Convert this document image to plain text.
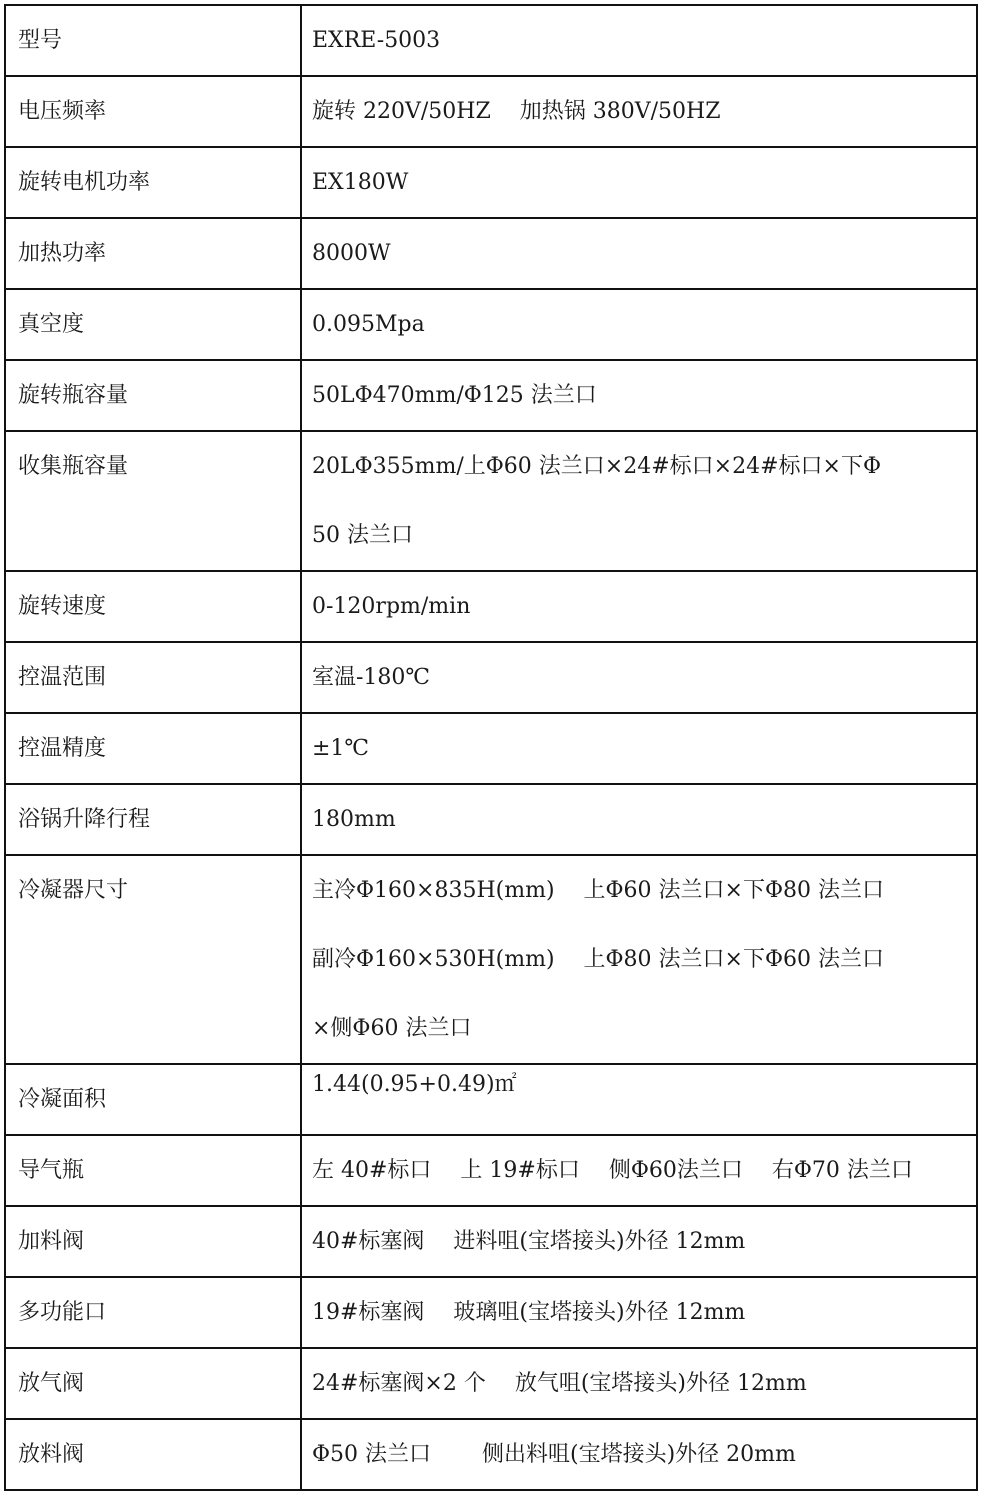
型号	EXRE-5003

电压频率	旋转 220V/50HZ　 加热锅 380V/50HZ

旋转电机功率	EX180W

加热功率	8000W

真空度	0.095Mpa

旋转瓶容量	50LΦ470mm/Φ125 法兰口

收集瓶容量	20LΦ355mm/上Φ60 法兰口×24#标口×24#标口×下Φ
50 法兰口

旋转速度	0-120rpm/min

控温范围	室温-180℃

控温精度	±1℃

浴锅升降行程	180mm

冷凝器尺寸	主冷Φ160×835H(mm)　 上Φ60 法兰口×下Φ80 法兰口
副冷Φ160×530H(mm)　 上Φ80 法兰口×下Φ60 法兰口
×侧Φ60 法兰口

冷凝面积	1.44(0.95+0.49)㎡

导气瓶	左 40#标口　 上 19#标口　 侧Φ60法兰口　 右Φ70 法兰口

加料阀	40#标塞阀　 进料咀(宝塔接头)外径 12mm

多功能口	19#标塞阀　 玻璃咀(宝塔接头)外径 12mm

放气阀	24#标塞阀×2 个　 放气咀(宝塔接头)外径 12mm

放料阀	Φ50 法兰口　　 侧出料咀(宝塔接头)外径 20mm
